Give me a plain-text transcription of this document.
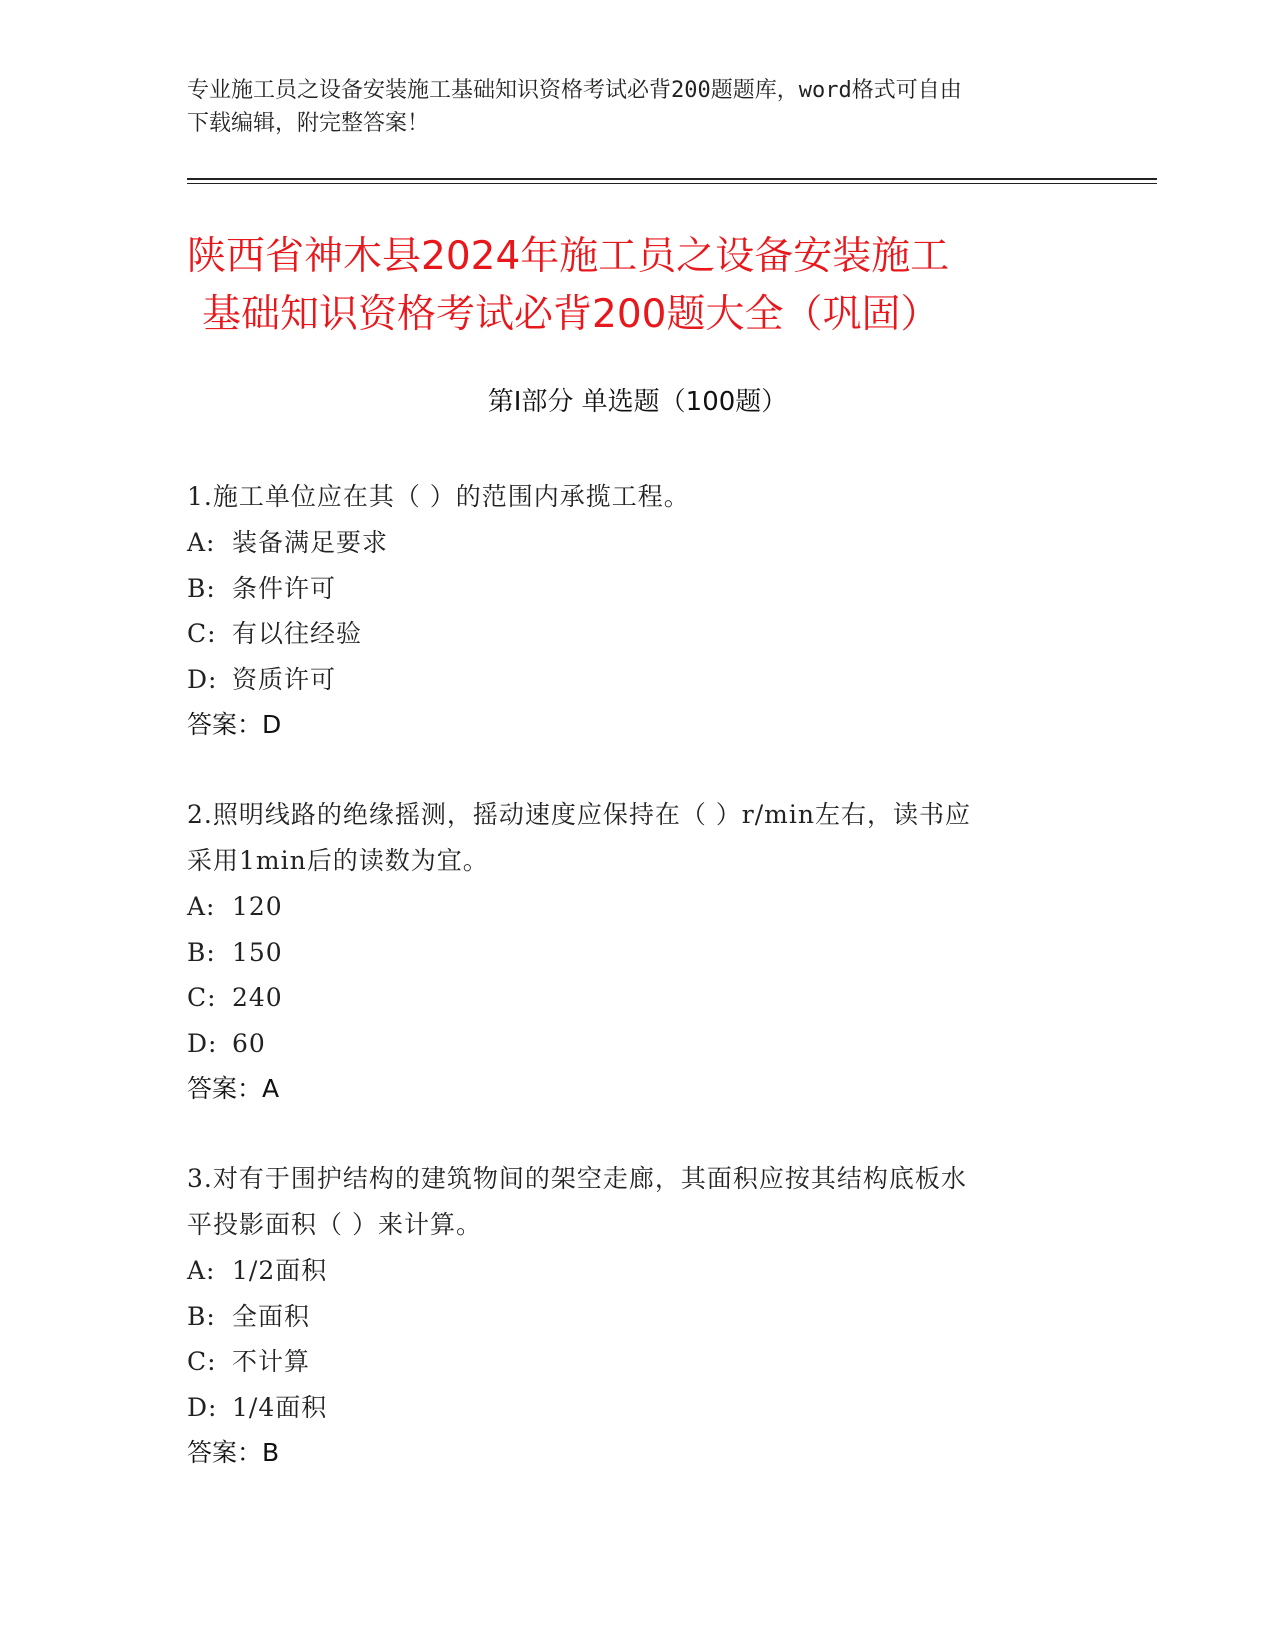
专业施工员之设备安装施工基础知识资格考试必背200题题库，word格式可自由
下载编辑，附完整答案！
陕西省神木县2024年施工员之设备安装施工
基础知识资格考试必背200题大全（巩固）
第Ⅰ部分 单选题（100题）
1.施工单位应在其（ ）的范围内承揽工程。
A: 装备满足要求
B: 条件许可
C: 有以往经验
D: 资质许可
答案：D
2.照明线路的绝缘摇测，摇动速度应保持在（ ）r/min左右，读书应
采用1min后的读数为宜。
A: 120
B: 150
C: 240
D: 60
答案：A
3.对有于围护结构的建筑物间的架空走廊，其面积应按其结构底板水
平投影面积（ ）来计算。
A: 1/2面积
B: 全面积
C: 不计算
D: 1/4面积
答案：B
